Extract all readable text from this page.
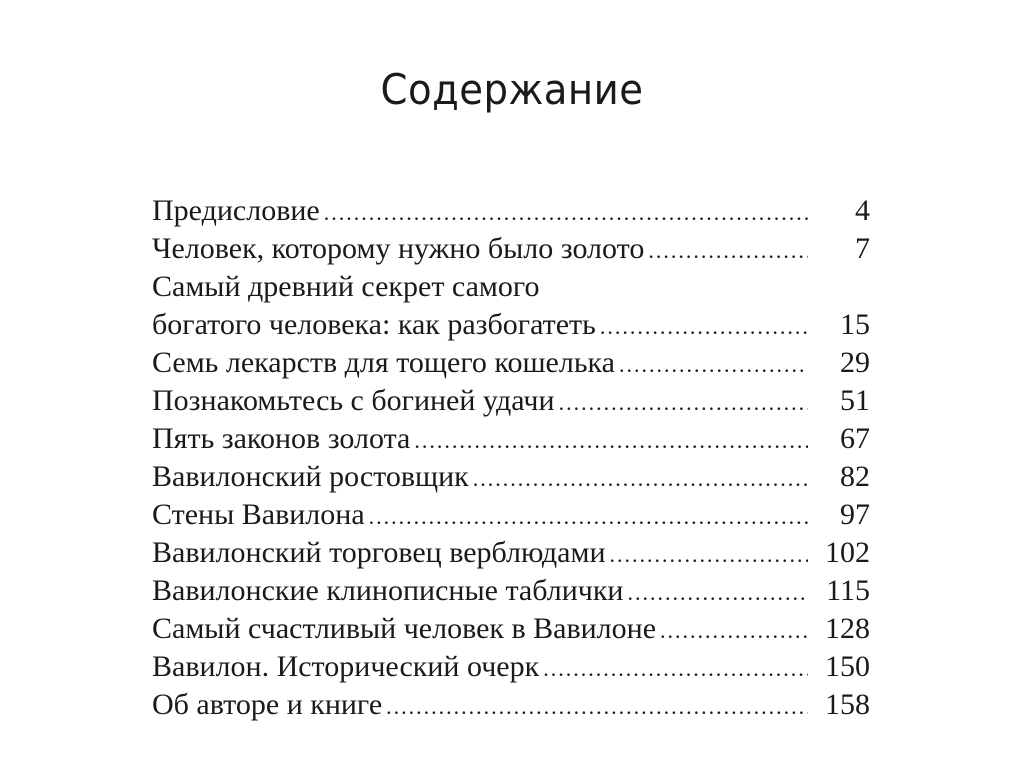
Содержание
Предисловие .....	4
Человек, которому нужно было золото .....	7
Самый древний секрет самого
богатого человека: как разбогатеть .....	15
Семь лекарств для тощего кошелька .....	29
Познакомьтесь с богиней удачи .....	51
Пять законов золота .....	67
Вавилонский ростовщик .....	82
Стены Вавилона .....	97
Вавилонский торговец верблюдами .....	102
Вавилонские клинописные таблички .....	115
Самый счастливый человек в Вавилоне .....	128
Вавилон. Исторический очерк .....	150
Об авторе и книге .....	158
